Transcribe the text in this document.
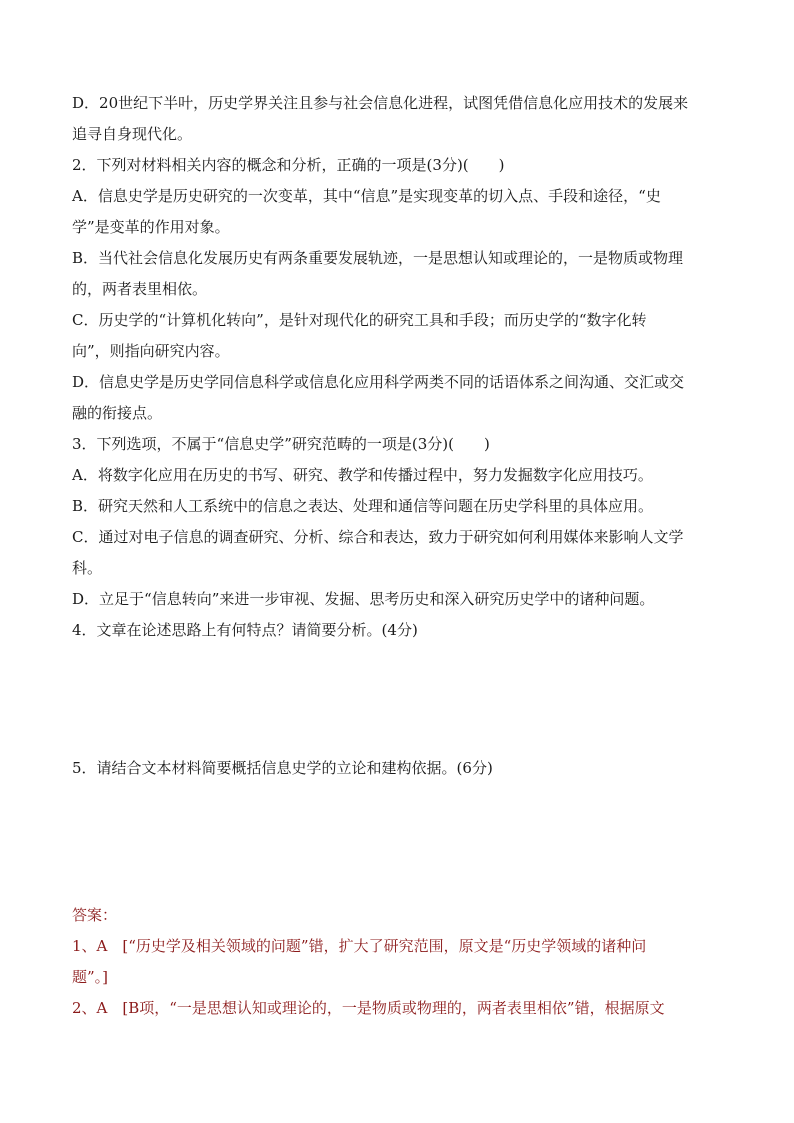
D．20世纪下半叶，历史学界关注且参与社会信息化进程，试图凭借信息化应用技术的发展来
追寻自身现代化。
2．下列对材料相关内容的概念和分析，正确的一项是(3分)(　　)
A．信息史学是历史研究的一次变革，其中“信息”是实现变革的切入点、手段和途径，“史
学”是变革的作用对象。
B．当代社会信息化发展历史有两条重要发展轨迹，一是思想认知或理论的，一是物质或物理
的，两者表里相依。
C．历史学的“计算机化转向”，是针对现代化的研究工具和手段；而历史学的“数字化转
向”，则指向研究内容。
D．信息史学是历史学同信息科学或信息化应用科学两类不同的话语体系之间沟通、交汇或交
融的衔接点。
3．下列选项，不属于“信息史学”研究范畴的一项是(3分)(　　)
A．将数字化应用在历史的书写、研究、教学和传播过程中，努力发掘数字化应用技巧。
B．研究天然和人工系统中的信息之表达、处理和通信等问题在历史学科里的具体应用。
C．通过对电子信息的调查研究、分析、综合和表达，致力于研究如何利用媒体来影响人文学
科。
D．立足于“信息转向”来进一步审视、发掘、思考历史和深入研究历史学中的诸种问题。
4．文章在论述思路上有何特点？请简要分析。(4分)
5．请结合文本材料简要概括信息史学的立论和建构依据。(6分)
答案：
1、A　[“历史学及相关领域的问题”错，扩大了研究范围，原文是“历史学领域的诸种问
题”。]
2、A　[B项，“一是思想认知或理论的，一是物质或物理的，两者表里相依”错，根据原文
